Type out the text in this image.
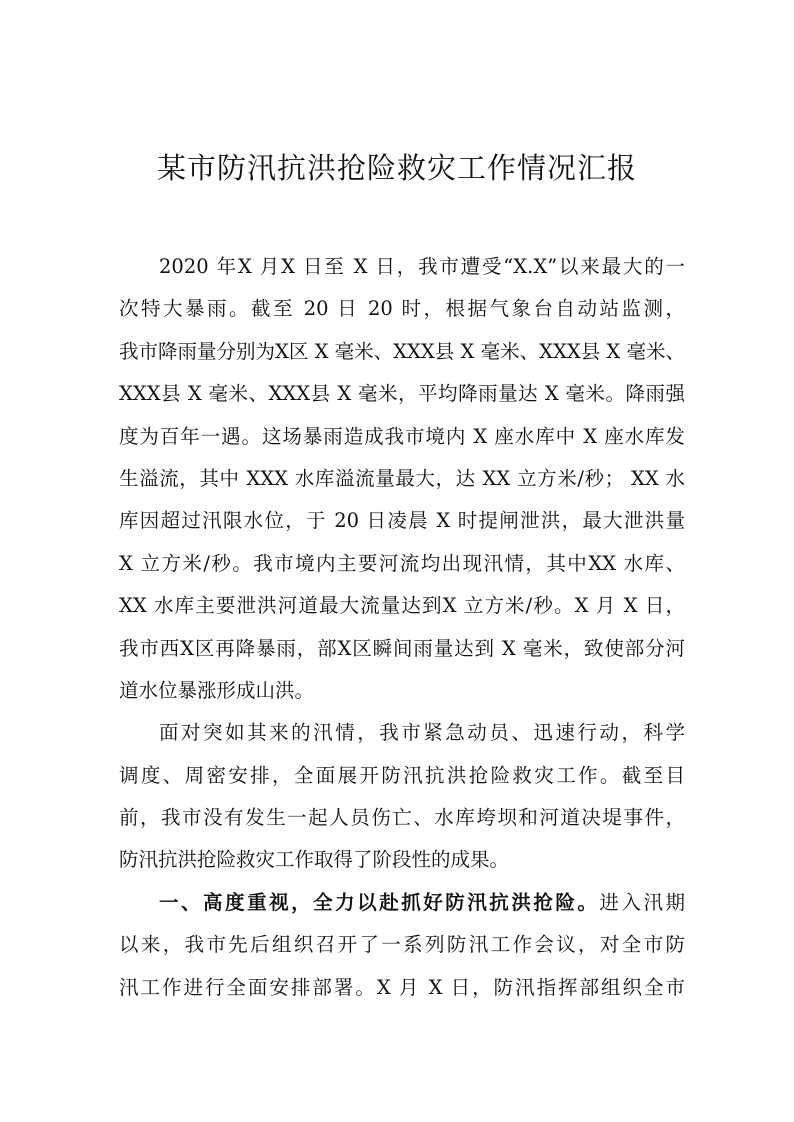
某市防汛抗洪抢险救灾工作情况汇报
2020 年X 月X 日至 X 日，我市遭受“X.X”以来最大的一
次特大暴雨。截至 20 日 20 时，根据气象台自动站监测，
我市降雨量分别为X区 X 毫米、XXX县 X 毫米、XXX县 X 毫米、
XXX县 X 毫米、XXX县 X 毫米，平均降雨量达 X 毫米。降雨强
度为百年一遇。这场暴雨造成我市境内 X 座水库中 X 座水库发
生溢流，其中 XXX 水库溢流量最大，达 XX 立方米/秒； XX 水
库因超过汛限水位，于 20 日凌晨 X 时提闸泄洪，最大泄洪量
X 立方米/秒。我市境内主要河流均出现汛情，其中XX 水库、
XX 水库主要泄洪河道最大流量达到X 立方米/秒。X 月 X 日，
我市西X区再降暴雨，部X区瞬间雨量达到 X 毫米，致使部分河
道水位暴涨形成山洪。
面对突如其来的汛情，我市紧急动员、迅速行动，科学
调度、周密安排，全面展开防汛抗洪抢险救灾工作。截至目
前，我市没有发生一起人员伤亡、水库垮坝和河道决堤事件，
防汛抗洪抢险救灾工作取得了阶段性的成果。
一、高度重视，全力以赴抓好防汛抗洪抢险。进入汛期
以来，我市先后组织召开了一系列防汛工作会议，对全市防
汛工作进行全面安排部署。X 月 X 日，防汛指挥部组织全市
